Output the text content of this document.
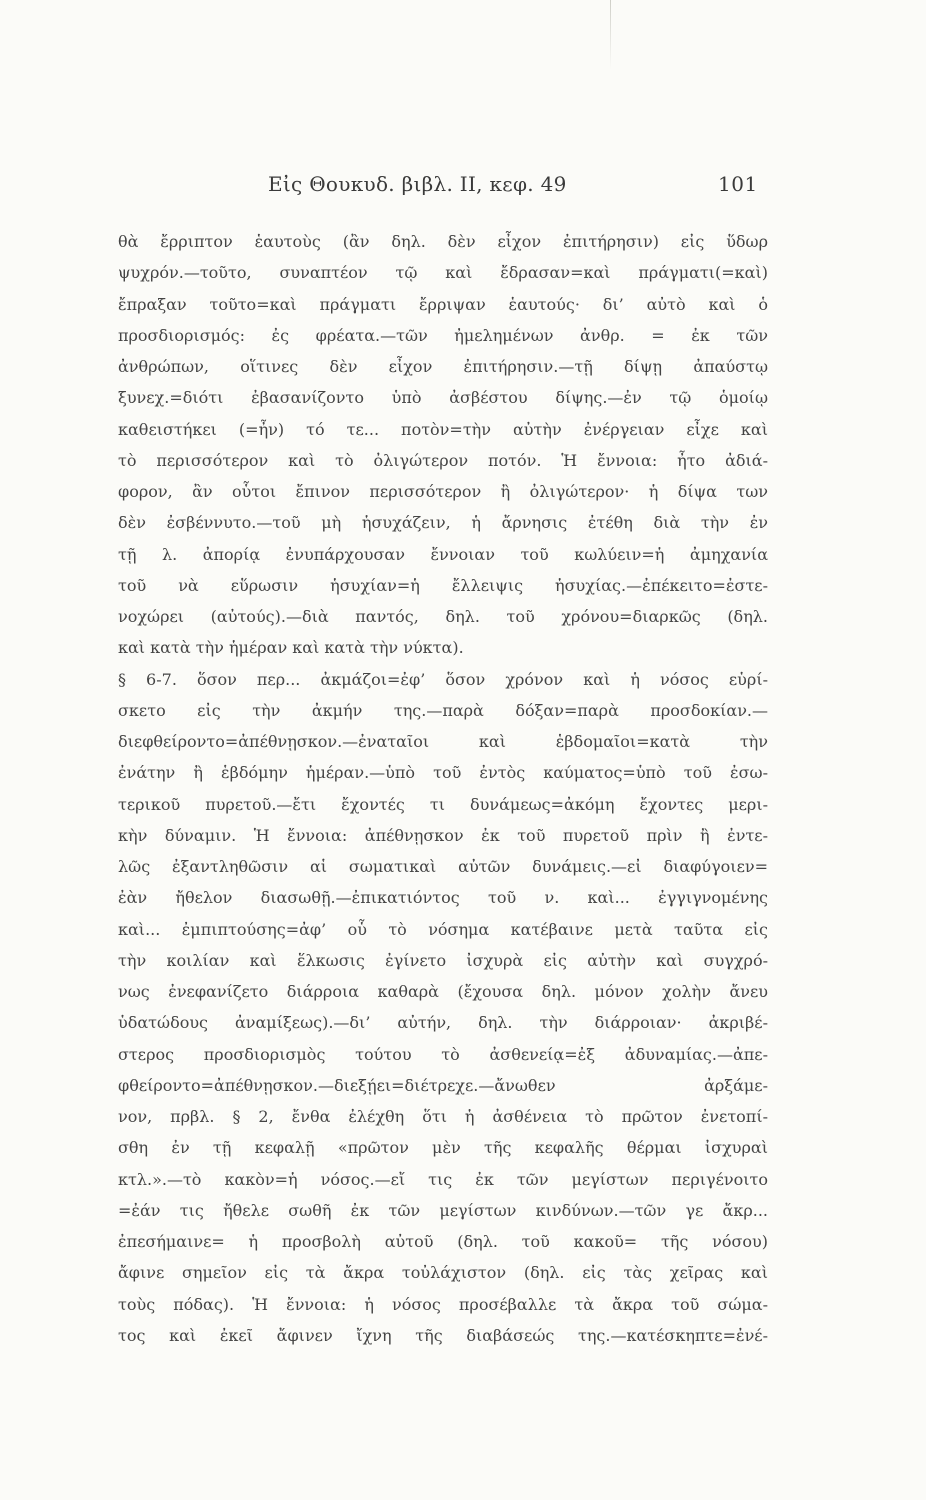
Εἰς Θουκυδ. βιβλ. II, κεφ. 49	101
θὰ ἔρριπτον ἑαυτοὺς (ἂν δηλ. δὲν εἶχον ἐπιτήρησιν) εἰς ὕδωρ
ψυχρόν.—τοῦτο, συναπτέον τῷ καὶ ἔδρασαν=καὶ πράγματι(=καὶ)
ἔπραξαν τοῦτο=καὶ πράγματι ἔρριψαν ἑαυτούς· δι’ αὐτὸ καὶ ὁ
προσδιορισμός: ἐς φρέατα.—τῶν ἠμελημένων ἀνθρ. = ἐκ τῶν
ἀνθρώπων, οἵτινες δὲν εἶχον ἐπιτήρησιν.—τῇ δίψῃ ἀπαύστῳ
ξυνεχ.=διότι ἐβασανίζοντο ὑπὸ ἀσβέστου δίψης.—ἐν τῷ ὁμοίῳ
καθειστήκει (=ἦν) τό τε... ποτὸν=τὴν αὐτὴν ἐνέργειαν εἶχε καὶ
τὸ περισσότερον καὶ τὸ ὀλιγώτερον ποτόν. Ἡ ἔννοια: ἦτο ἀδιά-
φορον, ἂν οὗτοι ἔπινον περισσότερον ἢ ὀλιγώτερον· ἡ δίψα των
δὲν ἐσβέννυτο.—τοῦ μὴ ἡσυχάζειν, ἡ ἄρνησις ἐτέθη διὰ τὴν ἐν
τῇ λ. ἀπορίᾳ ἐνυπάρχουσαν ἔννοιαν τοῦ κωλύειν=ἡ ἀμηχανία
τοῦ νὰ εὕρωσιν ἡσυχίαν=ἡ ἔλλειψις ἡσυχίας.—ἐπέκειτο=ἐστε-
νοχώρει (αὐτούς).—διὰ παντός, δηλ. τοῦ χρόνου=διαρκῶς (δηλ.
καὶ κατὰ τὴν ἡμέραν καὶ κατὰ τὴν νύκτα).
§ 6-7. ὅσον περ... ἀκμάζοι=ἐφ’ ὅσον χρόνον καὶ ἡ νόσος εὑρί-
σκετο εἰς τὴν ἀκμήν της.—παρὰ δόξαν=παρὰ προσδοκίαν.—
διεφθείροντο=ἀπέθνῃσκον.—ἐναταῖοι καὶ ἑβδομαῖοι=κατὰ τὴν
ἐνάτην ἢ ἑβδόμην ἡμέραν.—ὑπὸ τοῦ ἐντὸς καύματος=ὑπὸ τοῦ ἐσω-
τερικοῦ πυρετοῦ.—ἔτι ἔχοντές τι δυνάμεως=ἀκόμη ἔχοντες μερι-
κὴν δύναμιν. Ἡ ἔννοια: ἀπέθνῃσκον ἐκ τοῦ πυρετοῦ πρὶν ἢ ἐντε-
λῶς ἐξαντληθῶσιν αἱ σωματικαὶ αὐτῶν δυνάμεις.—εἰ διαφύγοιεν=
ἐὰν ἤθελον διασωθῇ.—ἐπικατιόντος τοῦ ν. καὶ... ἐγγιγνομένης
καὶ... ἐμπιπτούσης=ἀφ’ οὗ τὸ νόσημα κατέβαινε μετὰ ταῦτα εἰς
τὴν κοιλίαν καὶ ἕλκωσις ἐγίνετο ἰσχυρὰ εἰς αὐτὴν καὶ συγχρό-
νως ἐνεφανίζετο διάρροια καθαρὰ (ἔχουσα δηλ. μόνον χολὴν ἄνευ
ὑδατώδους ἀναμίξεως).—δι’ αὐτήν, δηλ. τὴν διάρροιαν· ἀκριβέ-
στερος προσδιορισμὸς τούτου τὸ ἀσθενείᾳ=ἐξ ἀδυναμίας.—ἀπε-
φθείροντο=ἀπέθνῃσκον.—διεξῄει=διέτρεχε.—ἄνωθεν ἀρξάμε-
νον, πρβλ. § 2, ἔνθα ἐλέχθη ὅτι ἡ ἀσθένεια τὸ πρῶτον ἐνετοπί-
σθη ἐν τῇ κεφαλῇ «πρῶτον μὲν τῆς κεφαλῆς θέρμαι ἰσχυραὶ
κτλ.».—τὸ κακὸν=ἡ νόσος.—εἴ τις ἐκ τῶν μεγίστων περιγένοιτο
=ἐάν τις ἤθελε σωθῆ ἐκ τῶν μεγίστων κινδύνων.—τῶν γε ἄκρ...
ἐπεσήμαινε= ἡ προσβολὴ αὐτοῦ (δηλ. τοῦ κακοῦ= τῆς νόσου)
ἄφινε σημεῖον εἰς τὰ ἄκρα τοὐλάχιστον (δηλ. εἰς τὰς χεῖρας καὶ
τοὺς πόδας). Ἡ ἔννοια: ἡ νόσος προσέβαλλε τὰ ἄκρα τοῦ σώμα-
τος καὶ ἐκεῖ ἄφινεν ἴχνη τῆς διαβάσεώς της.—κατέσκηπτε=ἐνέ-
